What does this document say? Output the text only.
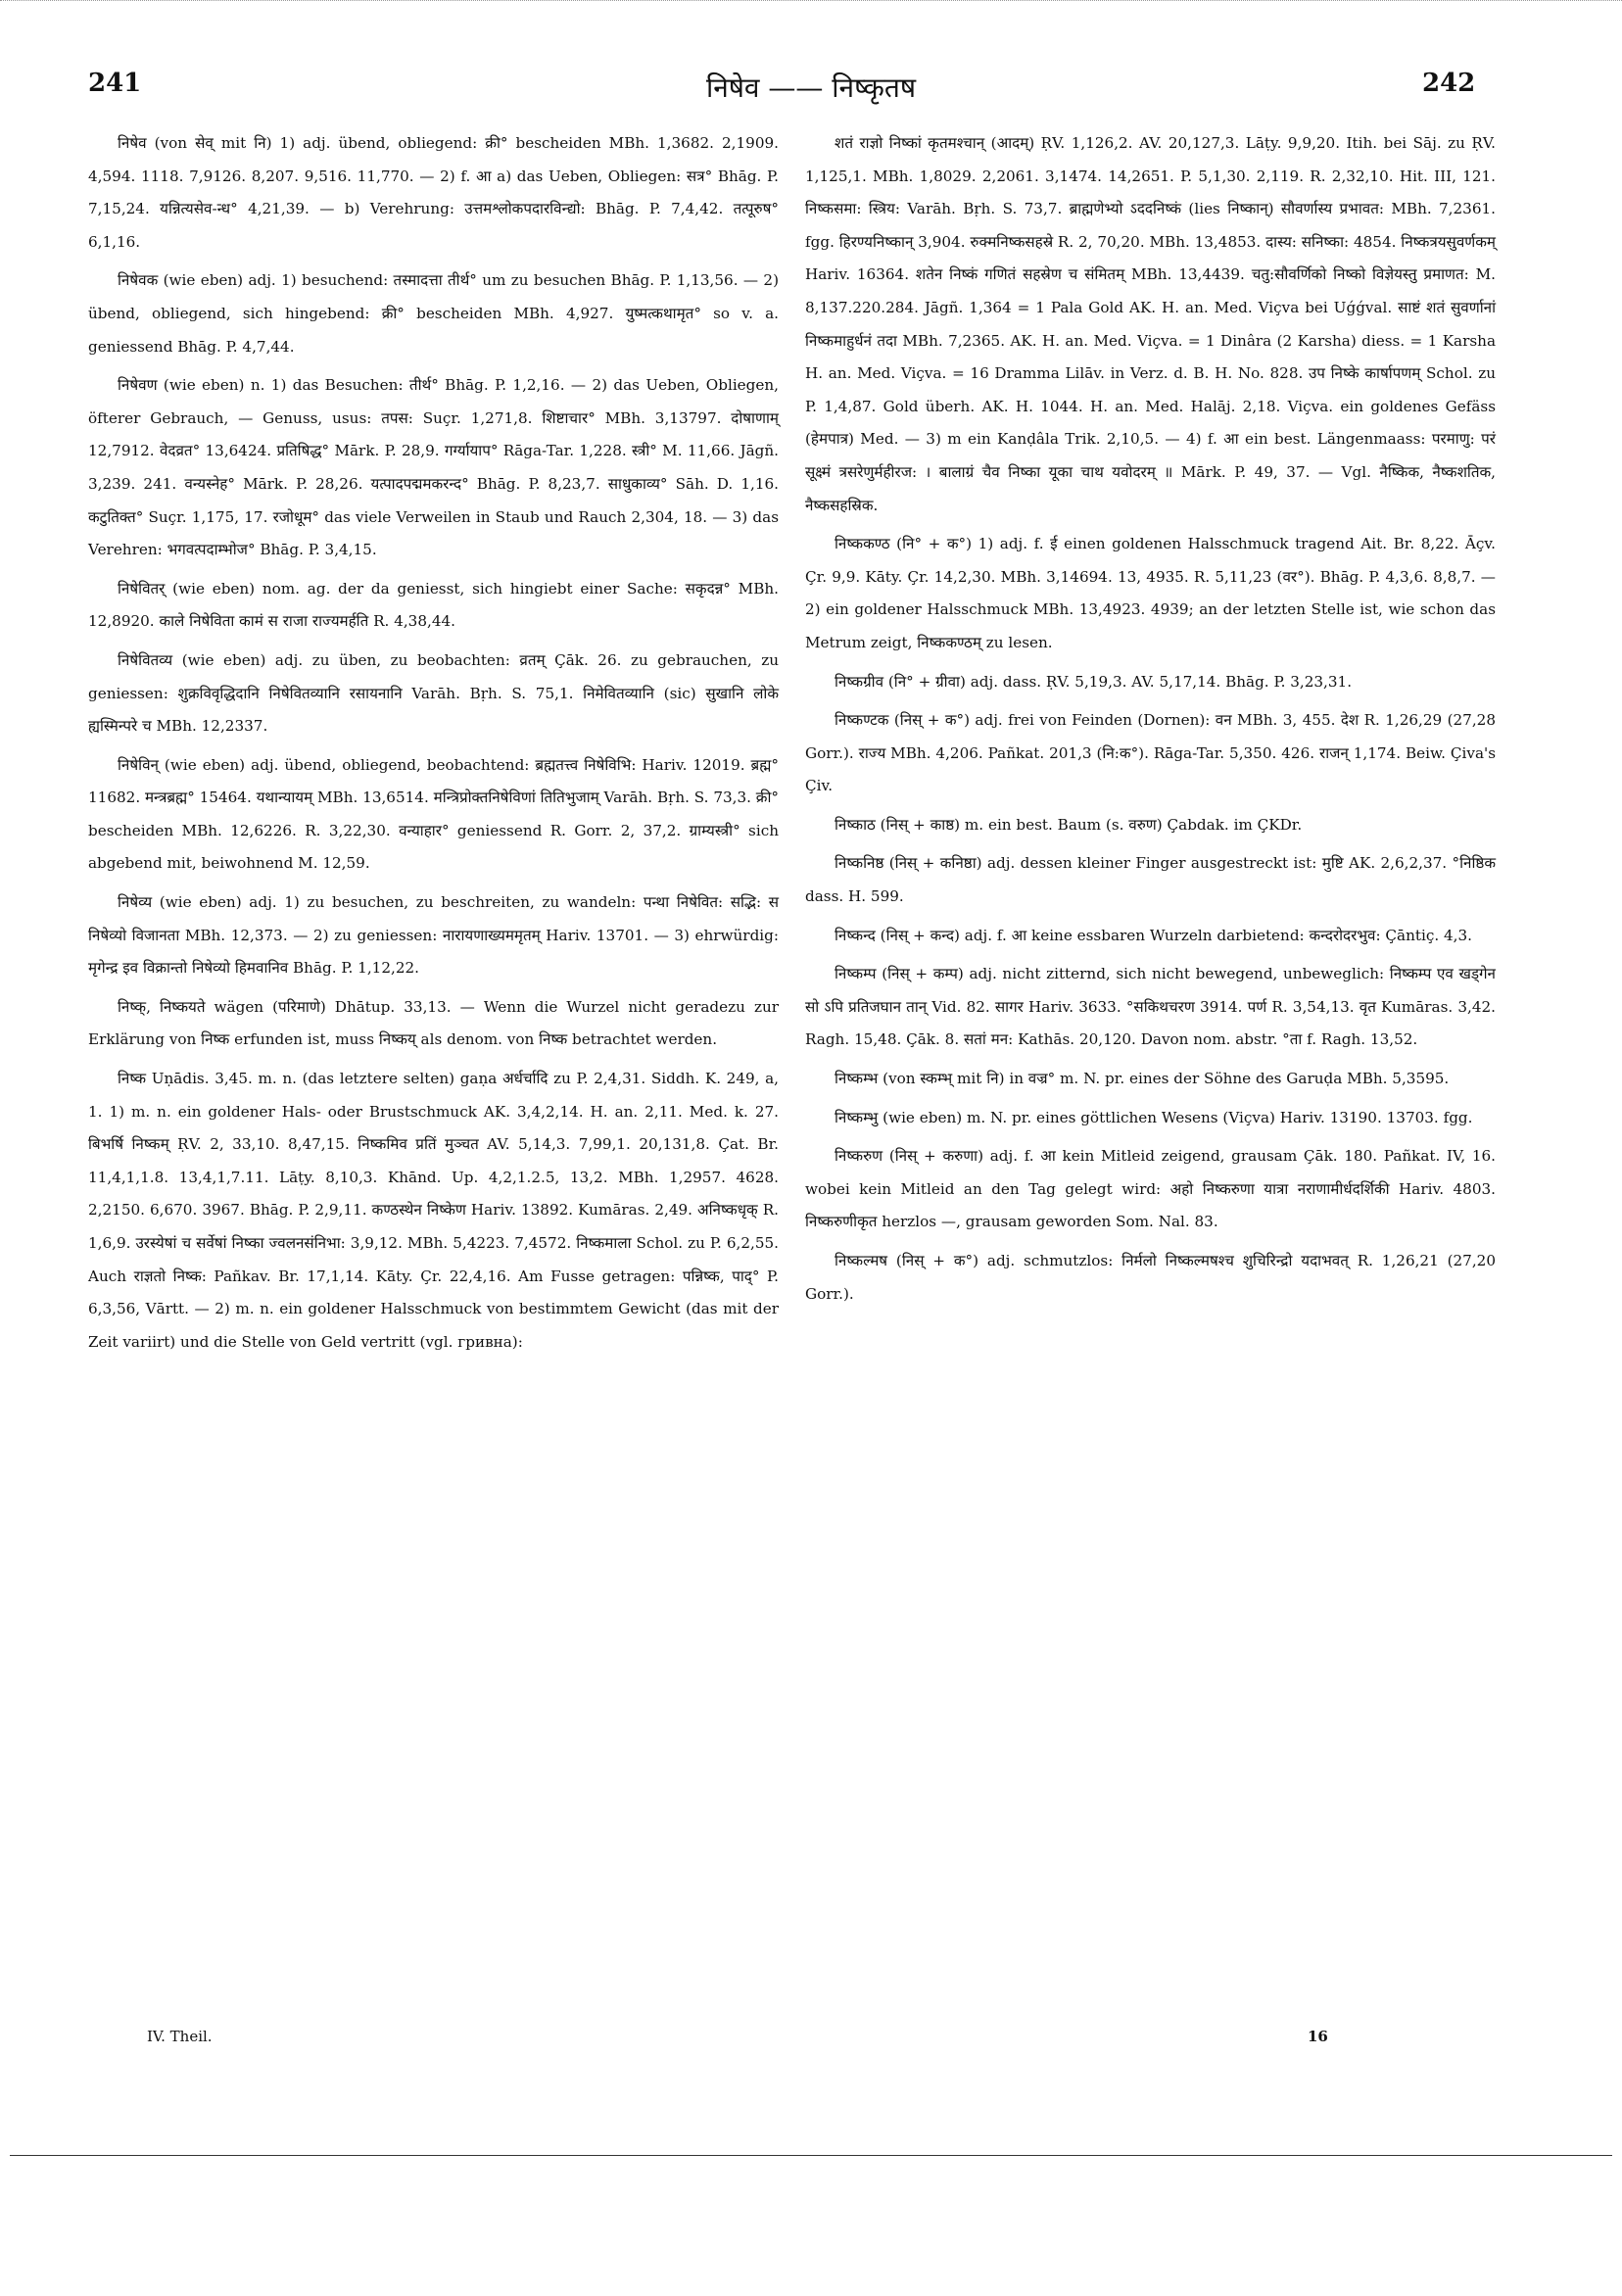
241	निषेव —— निष्कृतष	242

निषेव (von सेव् mit नि) 1) adj. übend, obliegend: क्री° bescheiden MBh. 1,3682. 2,1909. 4,594. 1118. 7,9126. 8,207. 9,516. 11,770. — 2) f. आ a) das Ueben, Obliegen: सत्र° Bhāg. P. 7,15,24. यन्नित्यसेव-न्ध° 4,21,39. — b) Verehrung: उत्तमश्लोकपदारविन्द्यो: Bhāg. P. 7,4,42. तत्पूरुष° 6,1,16.

निषेवक (wie eben) adj. 1) besuchend: तस्मादत्ता तीर्थ° um zu besuchen Bhāg. P. 1,13,56. — 2) übend, obliegend, sich hingebend: क्री° bescheiden MBh. 4,927. युष्मत्कथामृत° so v. a. geniessend Bhāg. P. 4,7,44.

निषेवण (wie eben) n. 1) das Besuchen: तीर्थ° Bhāg. P. 1,2,16. — 2) das Ueben, Obliegen, öfterer Gebrauch, — Genuss, usus: तपस: Suçr. 1,271,8. शिष्टाचार° MBh. 3,13797. दोषाणाम् 12,7912. वेदव्रत° 13,6424. प्रतिषिद्ध° Mārk. P. 28,9. गर्ग्यायाप° Rāga-Tar. 1,228. स्त्री° M. 11,66. Jāgñ. 3,239. 241. वन्यस्नेह° Mārk. P. 28,26. यत्पादपद्ममकरन्द° Bhāg. P. 8,23,7. साधुकाव्य° Sāh. D. 1,16. कटुतिक्त° Suçr. 1,175, 17. रजोधूम° das viele Verweilen in Staub und Rauch 2,304, 18. — 3) das Verehren: भगवत्पदाम्भोज° Bhāg. P. 3,4,15.

निषेवितर् (wie eben) nom. ag. der da geniesst, sich hingiebt einer Sache: सकृदन्न° MBh. 12,8920. काले निषेविता कामं स राजा राज्यमर्हति R. 4,38,44.

निषेवितव्य (wie eben) adj. zu üben, zu beobachten: व्रतम् Çāk. 26. zu gebrauchen, zu geniessen: शुक्रविवृद्धिदानि निषेवितव्यानि रसायनानि Varāh. Bṛh. S. 75,1. निमेवितव्यानि (sic) सुखानि लोके ह्यस्मिन्परे च MBh. 12,2337.

निषेविन् (wie eben) adj. übend, obliegend, beobachtend: ब्रह्मतत्त्व निषेविभि: Hariv. 12019. ब्रह्म° 11682. मन्त्रब्रह्म° 15464. यथान्यायम् MBh. 13,6514. मन्त्रिप्रोक्तनिषेविणां तितिभुजाम् Varāh. Bṛh. S. 73,3. क्री° bescheiden MBh. 12,6226. R. 3,22,30. वन्याहार° geniessend R. Gorr. 2, 37,2. ग्राम्यस्त्री° sich abgebend mit, beiwohnend M. 12,59.

निषेव्य (wie eben) adj. 1) zu besuchen, zu beschreiten, zu wandeln: पन्था निषेवित: सद्भि: स निषेव्यो विजानता MBh. 12,373. — 2) zu geniessen: नारायणाख्यममृतम् Hariv. 13701. — 3) ehrwürdig: मृगेन्द्र इव विक्रान्तो निषेव्यो हिमवानिव Bhāg. P. 1,12,22.

निष्क्, निष्कयते wägen (परिमाणे) Dhātup. 33,13. — Wenn die Wurzel nicht geradezu zur Erklärung von निष्क erfunden ist, muss निष्कय् als denom. von निष्क betrachtet werden.

निष्क Uṇādis. 3,45. m. n. (das letztere selten) gaṇa अर्धर्चादि zu P. 2,4,31. Siddh. K. 249, a, 1. 1) m. n. ein goldener Hals- oder Brustschmuck AK. 3,4,2,14. H. an. 2,11. Med. k. 27. बिभर्षि निष्कम् ṚV. 2, 33,10. 8,47,15. निष्कमिव प्रतिं मुञ्चत AV. 5,14,3. 7,99,1. 20,131,8. Çat. Br. 11,4,1,1.8. 13,4,1,7.11. Lāṭy. 8,10,3. Khānd. Up. 4,2,1.2.5, 13,2. MBh. 1,2957. 4628. 2,2150. 6,670. 3967. Bhāg. P. 2,9,11. कण्ठस्थेन निष्केण Hariv. 13892. Kumāras. 2,49. अनिष्कधृक् R. 1,6,9. उरस्येषां च सर्वेषां निष्का ज्वलनसंनिभा: 3,9,12. MBh. 5,4223. 7,4572. निष्कमाला Schol. zu P. 6,2,55. Auch राज्ञतो निष्क: Pañkav. Br. 17,1,14. Kāty. Çr. 22,4,16. Am Fusse getragen: पन्निष्क, पाद्° P. 6,3,56, Vārtt. — 2) m. n. ein goldener Halsschmuck von bestimmtem Gewicht (das mit der Zeit variirt) und die Stelle von Geld vertritt (vgl. гривна):

शतं राज्ञो निष्कां कृतमश्चान् (आदम्) ṚV. 1,126,2. AV. 20,127,3. Lāṭy. 9,9,20. Itih. bei Sāj. zu ṚV. 1,125,1. MBh. 1,8029. 2,2061. 3,1474. 14,2651. P. 5,1,30. 2,119. R. 2,32,10. Hit. III, 121. निष्कसमा: स्त्रिय: Varāh. Bṛh. S. 73,7. ब्राह्मणेभ्यो ऽददनिष्कं (lies निष्कान्) सौवर्णास्य प्रभावत: MBh. 7,2361. fgg. हिरण्यनिष्कान् 3,904. रुक्मनिष्कसहस्रे R. 2, 70,20. MBh. 13,4853. दास्य: सनिष्का: 4854. निष्कत्रयसुवर्णकम् Hariv. 16364. शतेन निष्कं गणितं सहस्रेण च संमितम् MBh. 13,4439. चतु:सौवर्णिको निष्को विज्ञेयस्तु प्रमाणत: M. 8,137.220.284. Jāgñ. 1,364 = 1 Pala Gold AK. H. an. Med. Viçva bei Uǵǵval. साष्टं शतं सुवर्णानां निष्कमाहुर्धनं तदा MBh. 7,2365. AK. H. an. Med. Viçva. = 1 Dinâra (2 Karsha) diess. = 1 Karsha H. an. Med. Viçva. = 16 Dramma Lilāv. in Verz. d. B. H. No. 828. उप निष्के कार्षापणम् Schol. zu P. 1,4,87. Gold überh. AK. H. 1044. H. an. Med. Halāj. 2,18. Viçva. ein goldenes Gefäss (हेमपात्र) Med. — 3) m ein Kanḍâla Trik. 2,10,5. — 4) f. आ ein best. Längenmaass: परमाणु: परं सूक्ष्मं त्रसरेणुर्महीरज: । बालाग्रं चैव निष्का यूका चाथ यवोदरम् ॥ Mārk. P. 49, 37. — Vgl. नैष्किक, नैष्कशतिक, नैष्कसहस्रिक.

निष्ककण्ठ (नि° + क°) 1) adj. f. ई einen goldenen Halsschmuck tragend Ait. Br. 8,22. Āçv. Çr. 9,9. Kāty. Çr. 14,2,30. MBh. 3,14694. 13, 4935. R. 5,11,23 (वर°). Bhāg. P. 4,3,6. 8,8,7. — 2) ein goldener Halsschmuck MBh. 13,4923. 4939; an der letzten Stelle ist, wie schon das Metrum zeigt, निष्ककण्ठम् zu lesen.

निष्कग्रीव (नि° + ग्रीवा) adj. dass. ṚV. 5,19,3. AV. 5,17,14. Bhāg. P. 3,23,31.

निष्कण्टक (निस् + क°) adj. frei von Feinden (Dornen): वन MBh. 3, 455. देश R. 1,26,29 (27,28 Gorr.). राज्य MBh. 4,206. Pañkat. 201,3 (नि:क°). Rāga-Tar. 5,350. 426. राजन् 1,174. Beiw. Çiva's Çiv.

निष्काठ (निस् + काष्ठ) m. ein best. Baum (s. वरुण) Çabdak. im ÇKDr.

निष्कनिष्ठ (निस् + कनिष्ठा) adj. dessen kleiner Finger ausgestreckt ist: मुष्टि AK. 2,6,2,37. °निष्ठिक dass. H. 599.

निष्कन्द (निस् + कन्द) adj. f. आ keine essbaren Wurzeln darbietend: कन्दरोदरभुव: Çāntiç. 4,3.

निष्कम्प (निस् + कम्प) adj. nicht zitternd, sich nicht bewegend, unbeweglich: निष्कम्प एव खड्गेन सो ऽपि प्रतिजघान तान् Vid. 82. सागर Hariv. 3633. °सकिथचरण 3914. पर्ण R. 3,54,13. वृत Kumāras. 3,42. Ragh. 15,48. Çāk. 8. सतां मन: Kathās. 20,120. Davon nom. abstr. °ता f. Ragh. 13,52.

निष्कम्भ (von स्कम्भ् mit नि) in वज्र° m. N. pr. eines der Söhne des Garuḍa MBh. 5,3595.

निष्कम्भु (wie eben) m. N. pr. eines göttlichen Wesens (Viçva) Hariv. 13190. 13703. fgg.

निष्करुण (निस् + करुणा) adj. f. आ kein Mitleid zeigend, grausam Çāk. 180. Pañkat. IV, 16. wobei kein Mitleid an den Tag gelegt wird: अहो निष्करुणा यात्रा नराणामीर्धदर्शिकी Hariv. 4803. निष्करुणीकृत herzlos —, grausam geworden Som. Nal. 83.

निष्कल्मष (निस् + क°) adj. schmutzlos: निर्मलो निष्कल्मषश्च शुचिरिन्द्रो यदाभवत् R. 1,26,21 (27,20 Gorr.).

IV. Theil.	16
